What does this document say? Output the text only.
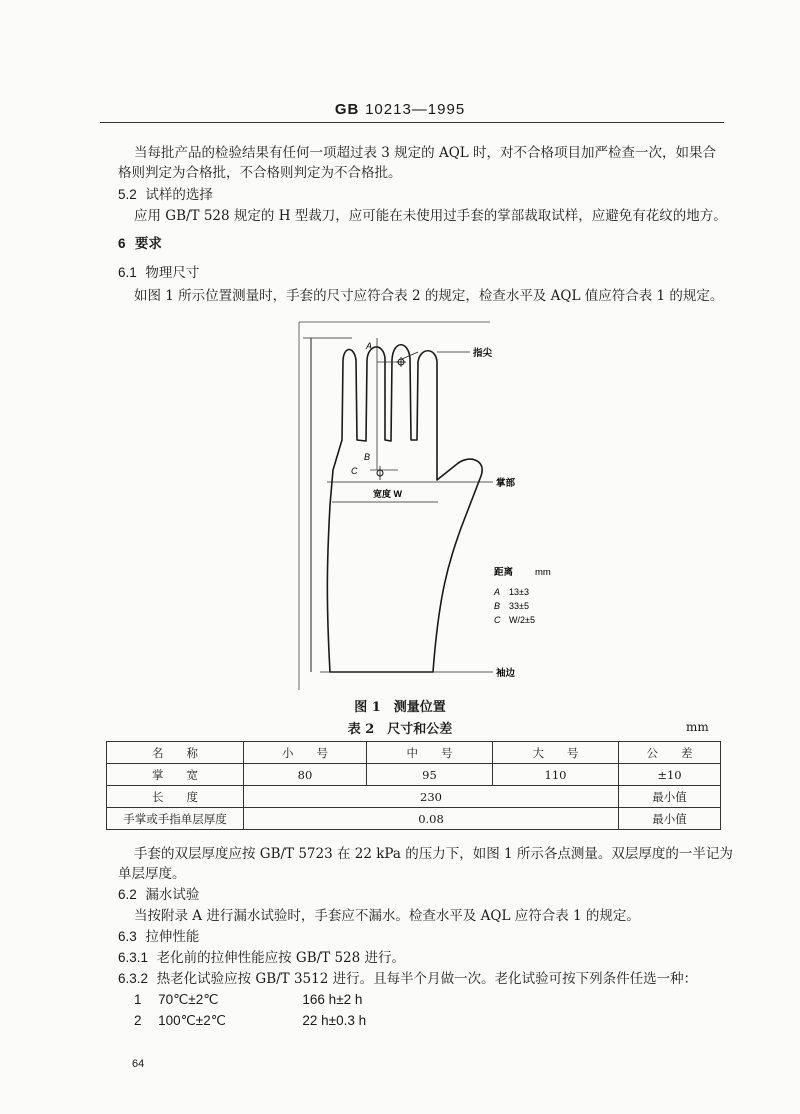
GB 10213—1995
当每批产品的检验结果有任何一项超过表 3 规定的 AQL 时，对不合格项目加严检查一次，如果合
格则判定为合格批，不合格则判定为不合格批。
5.2 试样的选择
应用 GB/T 528 规定的 H 型裁刀，应可能在未使用过手套的掌部裁取试样，应避免有花纹的地方。
6 要求
6.1 物理尺寸
如图 1 所示位置测量时，手套的尺寸应符合表 2 的规定，检查水平及 AQL 值应符合表 1 的规定。
指尖
掌部
袖边
宽度 W
A
B
C
距离 mm
A 13±3
B 33±5
C W/2±5
图 1　测量位置
表 2　尺寸和公差	mm
名　　称	小　　号	中　　号	大　　号	公　　差
掌　　宽	80	95	110	±10
长　　度	230			最小值
手掌或手指单层厚度	0.08			最小值
手套的双层厚度应按 GB/T 5723 在 22 kPa 的压力下，如图 1 所示各点测量。双层厚度的一半记为
单层厚度。
6.2 漏水试验
当按附录 A 进行漏水试验时，手套应不漏水。检查水平及 AQL 应符合表 1 的规定。
6.3 拉伸性能
6.3.1 老化前的拉伸性能应按 GB/T 528 进行。
6.3.2 热老化试验应按 GB/T 3512 进行。且每半个月做一次。老化试验可按下列条件任选一种：
1 70℃±2℃	166 h±2 h
2 100℃±2℃	22 h±0.3 h
64
